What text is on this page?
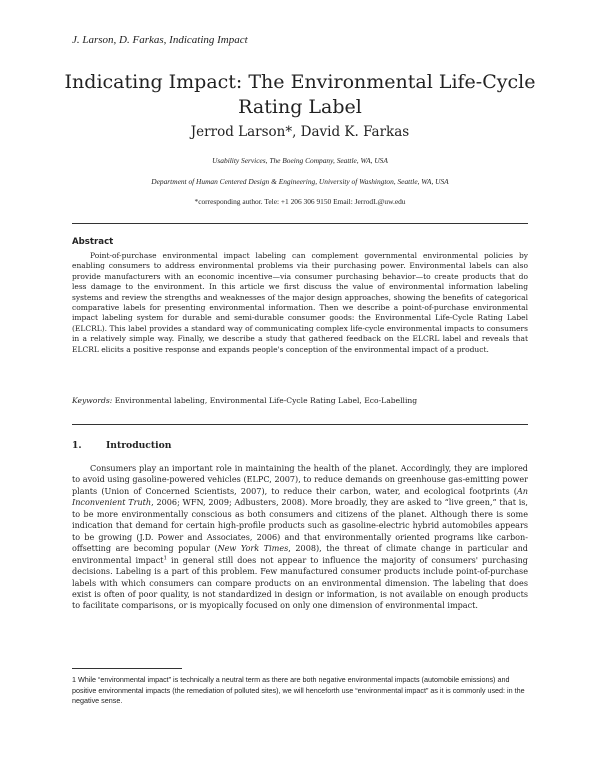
J. Larson, D. Farkas, Indicating Impact
Indicating Impact: The Environmental Life-Cycle Rating Label
Jerrod Larson*, David K. Farkas
Usability Services, The Boeing Company, Seattle, WA, USA
Department of Human Centered Design & Engineering, University of Washington, Seattle, WA, USA
*corresponding author. Tele: +1 206 306 9150 Email: JerrodL@uw.edu
Abstract

Point-of-purchase environmental impact labeling can complement governmental environmental policies by enabling consumers to address environmental problems via their purchasing power. Environmental labels can also provide manufacturers with an economic incentive—via consumer purchasing behavior—to create products that do less damage to the environment. In this article we first discuss the value of environmental information labeling systems and review the strengths and weaknesses of the major design approaches, showing the benefits of categorical comparative labels for presenting environmental information. Then we describe a point-of-purchase environmental impact labeling system for durable and semi-durable consumer goods: the Environmental Life-Cycle Rating Label (ELCRL). This label provides a standard way of communicating complex life-cycle environmental impacts to consumers in a relatively simple way. Finally, we describe a study that gathered feedback on the ELCRL label and reveals that ELCRL elicits a positive response and expands people's conception of the environmental impact of a product.

Keywords: Environmental labeling, Environmental Life-Cycle Rating Label, Eco-Labelling
1.	Introduction

Consumers play an important role in maintaining the health of the planet. Accordingly, they are implored to avoid using gasoline-powered vehicles (ELPC, 2007), to reduce demands on greenhouse gas-emitting power plants (Union of Concerned Scientists, 2007), to reduce their carbon, water, and ecological footprints (An Inconvenient Truth, 2006; WFN, 2009; Adbusters, 2008). More broadly, they are asked to “live green,” that is, to be more environmentally conscious as both consumers and citizens of the planet. Although there is some indication that demand for certain high-profile products such as gasoline-electric hybrid automobiles appears to be growing (J.D. Power and Associates, 2006) and that environmentally oriented programs like carbon-offsetting are becoming popular (New York Times, 2008), the threat of climate change in particular and environmental impact$^1$ in general still does not appear to influence the majority of consumers' purchasing decisions. Labeling is a part of this problem. Few manufactured consumer products include point-of-purchase labels with which consumers can compare products on an environmental dimension. The labeling that does exist is often of poor quality, is not standardized in design or information, is not available on enough products to facilitate comparisons, or is myopically focused on only one dimension of environmental impact.

1 While “environmental impact” is technically a neutral term as there are both negative environmental impacts (automobile emissions) and positive environmental impacts (the remediation of polluted sites), we will henceforth use “environmental impact” as it is commonly used: in the negative sense.
